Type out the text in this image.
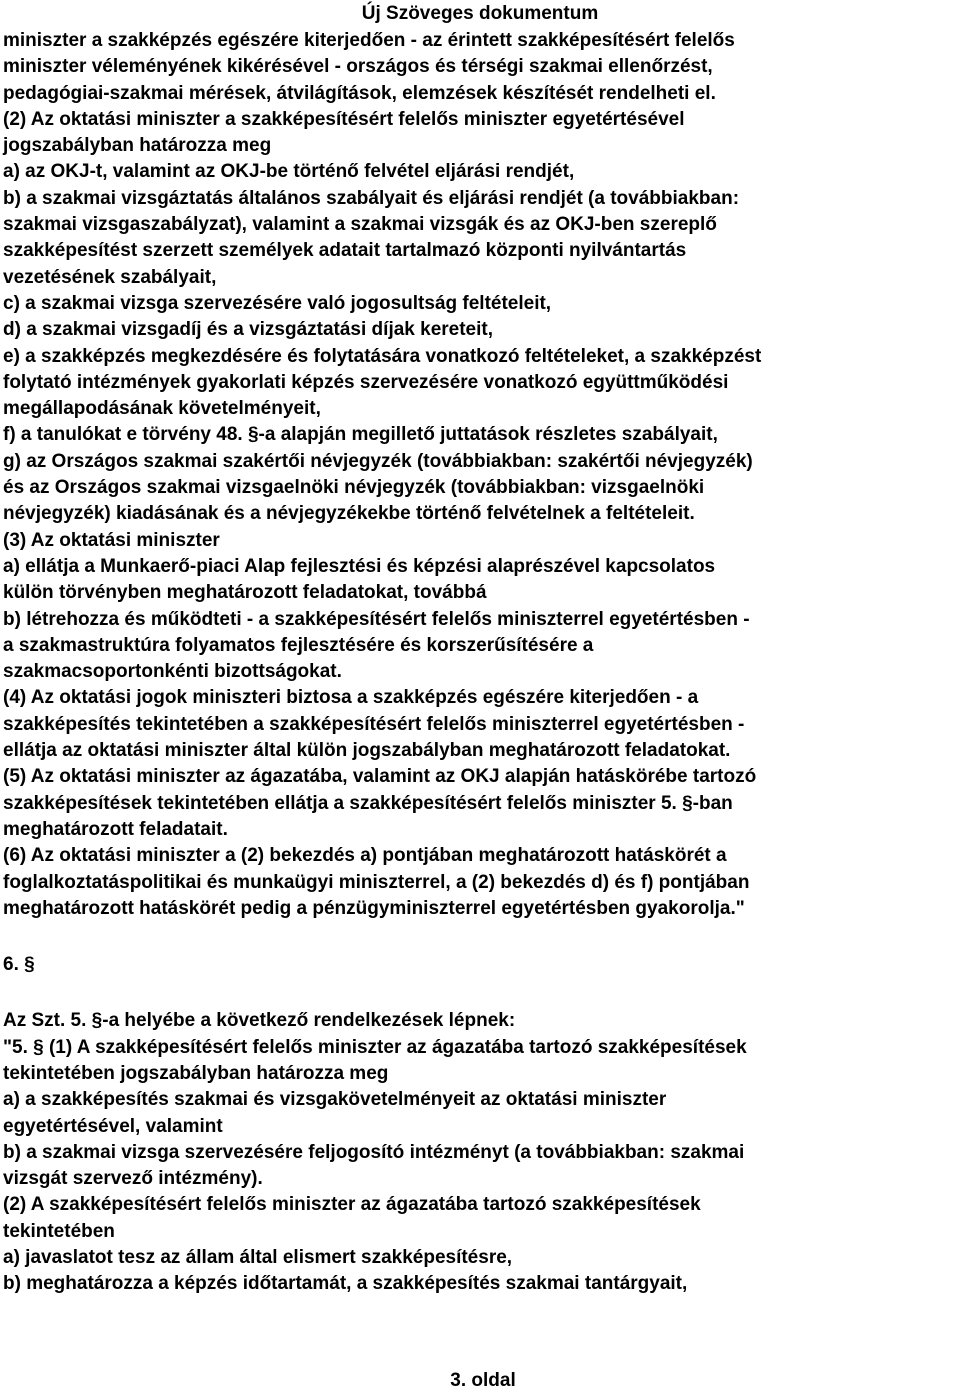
Új Szöveges dokumentum
miniszter a szakképzés egészére kiterjedően - az érintett szakképesítésért felelős
miniszter véleményének kikérésével - országos és térségi szakmai ellenőrzést,
pedagógiai-szakmai mérések, átvilágítások, elemzések készítését rendelheti el.
(2) Az oktatási miniszter a szakképesítésért felelős miniszter egyetértésével
jogszabályban határozza meg
a) az OKJ-t, valamint az OKJ-be történő felvétel eljárási rendjét,
b) a szakmai vizsgáztatás általános szabályait és eljárási rendjét (a továbbiakban:
szakmai vizsgaszabályzat), valamint a szakmai vizsgák és az OKJ-ben szereplő
szakképesítést szerzett személyek adatait tartalmazó központi nyilvántartás
vezetésének szabályait,
c) a szakmai vizsga szervezésére való jogosultság feltételeit,
d) a szakmai vizsgadíj és a vizsgáztatási díjak kereteit,
e) a szakképzés megkezdésére és folytatására vonatkozó feltételeket, a szakképzést
folytató intézmények gyakorlati képzés szervezésére vonatkozó együttműködési
megállapodásának követelményeit,
f) a tanulókat e törvény 48. §-a alapján megillető juttatások részletes szabályait,
g) az Országos szakmai szakértői névjegyzék (továbbiakban: szakértői névjegyzék)
és az Országos szakmai vizsgaelnöki névjegyzék (továbbiakban: vizsgaelnöki
névjegyzék) kiadásának és a névjegyzékekbe történő felvételnek a feltételeit.
(3) Az oktatási miniszter
a) ellátja a Munkaerő-piaci Alap fejlesztési és képzési alaprészével kapcsolatos
külön törvényben meghatározott feladatokat, továbbá
b) létrehozza és működteti - a szakképesítésért felelős miniszterrel egyetértésben -
a szakmastruktúra folyamatos fejlesztésére és korszerűsítésére a
szakmacsoportonkénti bizottságokat.
(4) Az oktatási jogok miniszteri biztosa a szakképzés egészére kiterjedően - a
szakképesítés tekintetében a szakképesítésért felelős miniszterrel egyetértésben -
ellátja az oktatási miniszter által külön jogszabályban meghatározott feladatokat.
(5) Az oktatási miniszter az ágazatába, valamint az OKJ alapján hatáskörébe tartozó
szakképesítések tekintetében ellátja a szakképesítésért felelős miniszter 5. §-ban
meghatározott feladatait.
(6) Az oktatási miniszter a (2) bekezdés a) pontjában meghatározott hatáskörét a
foglalkoztatáspolitikai és munkaügyi miniszterrel, a (2) bekezdés d) és f) pontjában
meghatározott hatáskörét pedig a pénzügyminiszterrel egyetértésben gyakorolja."
6. §
Az Szt. 5. §-a helyébe a következő rendelkezések lépnek:
"5. § (1) A szakképesítésért felelős miniszter az ágazatába tartozó szakképesítések
tekintetében jogszabályban határozza meg
a) a szakképesítés szakmai és vizsgakövetelményeit az oktatási miniszter
egyetértésével, valamint
b) a szakmai vizsga szervezésére feljogosító intézményt (a továbbiakban: szakmai
vizsgát szervező intézmény).
(2) A szakképesítésért felelős miniszter az ágazatába tartozó szakképesítések
tekintetében
a) javaslatot tesz az állam által elismert szakképesítésre,
b) meghatározza a képzés időtartamát, a szakképesítés szakmai tantárgyait,
3. oldal
